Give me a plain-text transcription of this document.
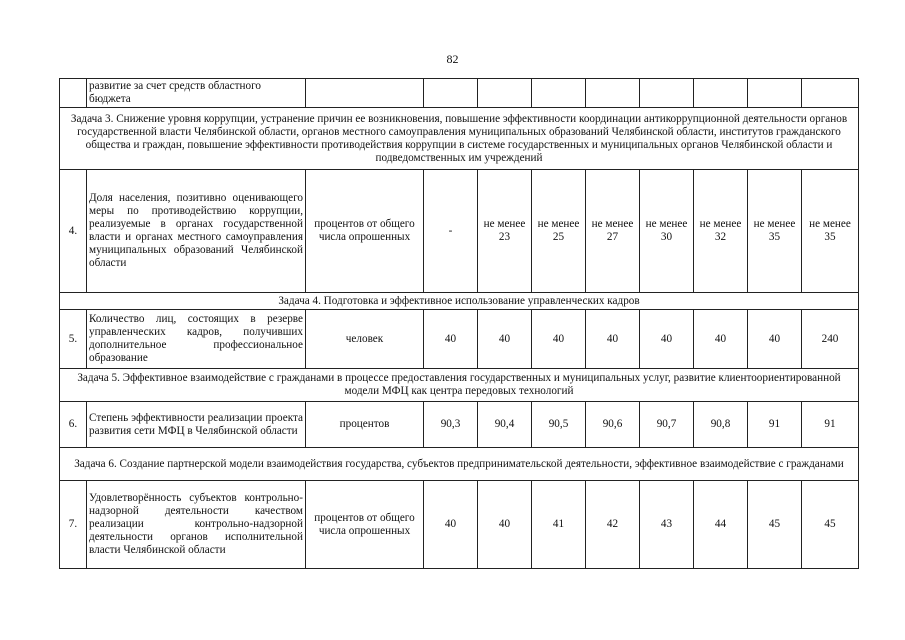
82
	развитие за счет средств областного бюджета									
Задача 3. Снижение уровня коррупции, устранение причин ее возникновения, повышение эффективности координации антикоррупционной деятельности органов государственной власти Челябинской области, органов местного самоуправления муниципальных образований Челябинской области, институтов гражданского общества и граждан, повышение эффективности противодействия коррупции в системе государственных и муниципальных органов Челябинской области и подведомственных им учреждений										
4.	Доля населения, позитивно оценивающего меры по противодействию коррупции, реализуемые в органах государственной власти и органах местного самоуправления муниципальных образований Челябинской области	процентов от общего числа опрошенных	-	не менее 23	не менее 25	не менее 27	не менее 30	не менее 32	не менее 35	не менее 35
Задача 4. Подготовка и эффективное использование управленческих кадров										
5.	Количество лиц, состоящих в резерве управленческих кадров, получивших дополнительное профессиональное образование	человек	40	40	40	40	40	40	40	240
Задача 5. Эффективное взаимодействие с гражданами в процессе предоставления государственных и муниципальных услуг, развитие клиентоориентированной модели МФЦ как центра передовых технологий										
6.	Степень эффективности реализации проекта развития сети МФЦ в Челябинской области	процентов	90,3	90,4	90,5	90,6	90,7	90,8	91	91
Задача 6. Создание партнерской модели взаимодействия государства, субъектов предпринимательской деятельности, эффективное взаимодействие с гражданами										
7.	Удовлетворённость субъектов контрольно-надзорной деятельности качеством реализации контрольно-надзорной деятельности органов исполнительной власти Челябинской области	процентов от общего числа опрошенных	40	40	41	42	43	44	45	45
